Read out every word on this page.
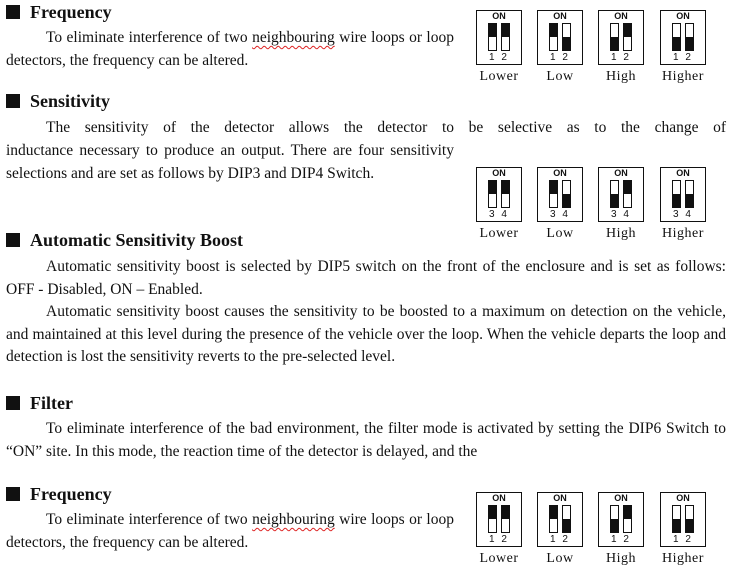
Frequency
To eliminate interference of two neighbouring wire loops or loop detectors, the frequency can be altered.
Sensitivity
The sensitivity of the detector allows the detector to be selective as to the change of
inductance necessary to produce an output. There are four sensitivity selections and are set as follows by DIP3 and DIP4 Switch.
Automatic Sensitivity Boost
Automatic sensitivity boost is selected by DIP5 switch on the front of the enclosure and is set as follows: OFF - Disabled, ON – Enabled.
Automatic sensitivity boost causes the sensitivity to be boosted to a maximum on detection on the vehicle, and maintained at this level during the presence of the vehicle over the loop. When the vehicle departs the loop and detection is lost the sensitivity reverts to the pre-selected level.
Filter
To eliminate interference of the bad environment, the filter mode is activated by setting the DIP6 Switch to “ON” site. In this mode, the reaction time of the detector is delayed, and the
Frequency
To eliminate interference of two neighbouring wire loops or loop detectors, the frequency can be altered.
ON
1 2
Lower
ON
1 2
Low
ON
1 2
High
ON
1 2
Higher
ON
3 4
Lower
ON
3 4
Low
ON
3 4
High
ON
3 4
Higher
ON
1 2
Lower
ON
1 2
Low
ON
1 2
High
ON
1 2
Higher
